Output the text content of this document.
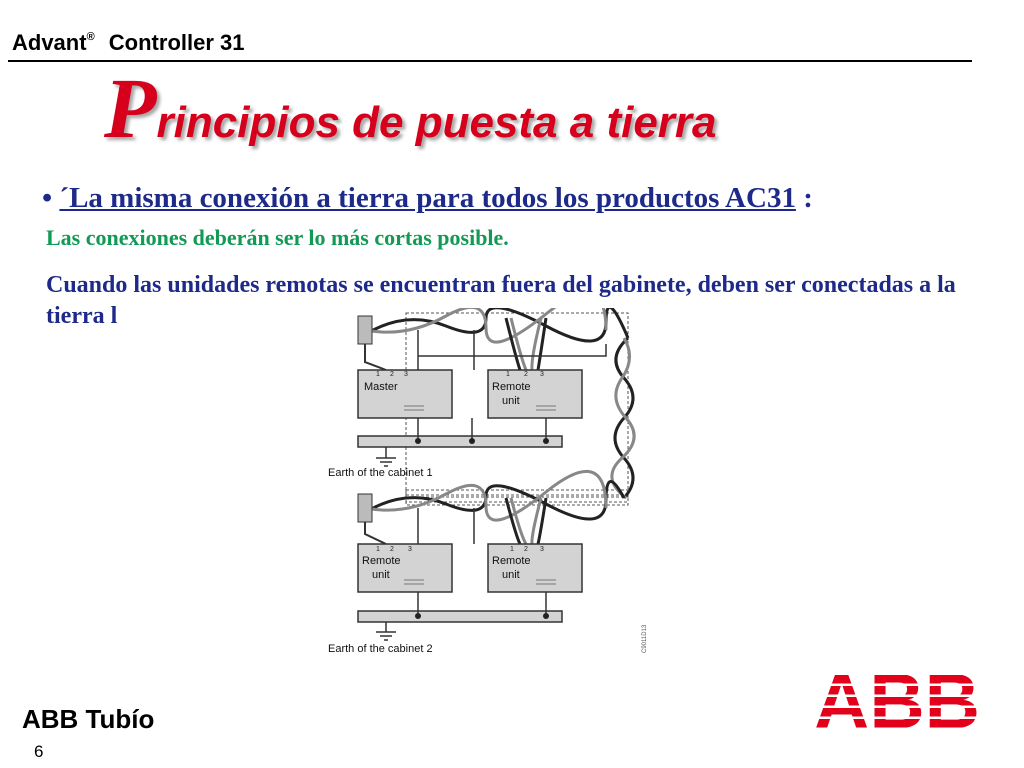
Advant® Controller 31
Principios de puesta a tierra
• ´La misma conexión a tierra para todos los productos AC31 :
Las conexiones deberán ser lo más cortas posible.
Cuando las unidades remotas se encuentran fuera del gabinete, deben ser conectadas a la tierra l
1 2 3	1 2 3
Master	Remote
unit
Earth of the cabinet 1
1 2 3	1 2 3
Remote
unit
Remote
unit
Earth of the cabinet 2	C9011D13
ABB Tubío
6
ABB
